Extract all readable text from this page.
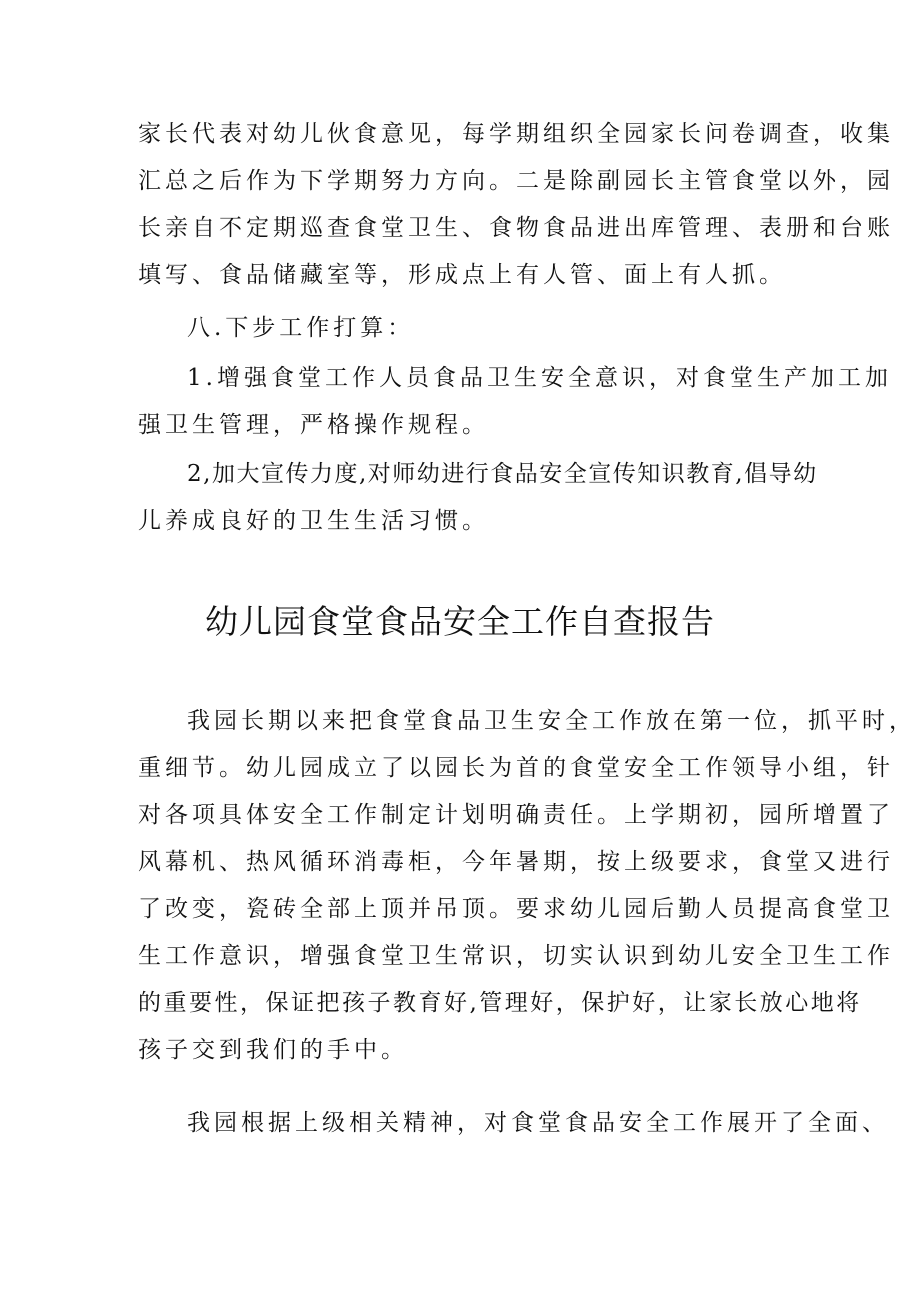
家长代表对幼儿伙食意见，每学期组织全园家长问卷调查，收集
汇总之后作为下学期努力方向。二是除副园长主管食堂以外，园
长亲自不定期巡查食堂卫生、食物食品进出库管理、表册和台账
填写、食品储藏室等，形成点上有人管、面上有人抓。
八.下步工作打算：
1.增强食堂工作人员食品卫生安全意识，对食堂生产加工加
强卫生管理，严格操作规程。
2,加大宣传力度,对师幼进行食品安全宣传知识教育,倡导幼
儿养成良好的卫生生活习惯。
幼儿园食堂食品安全工作自查报告
我园长期以来把食堂食品卫生安全工作放在第一位，抓平时，
重细节。幼儿园成立了以园长为首的食堂安全工作领导小组，针
对各项具体安全工作制定计划明确责任。上学期初，园所增置了
风幕机、热风循环消毒柜，今年暑期，按上级要求，食堂又进行
了改变，瓷砖全部上顶并吊顶。要求幼儿园后勤人员提高食堂卫
生工作意识，增强食堂卫生常识，切实认识到幼儿安全卫生工作
的重要性，保证把孩子教育好,管理好，保护好，让家长放心地将
孩子交到我们的手中。
我园根据上级相关精神，对食堂食品安全工作展开了全面、
